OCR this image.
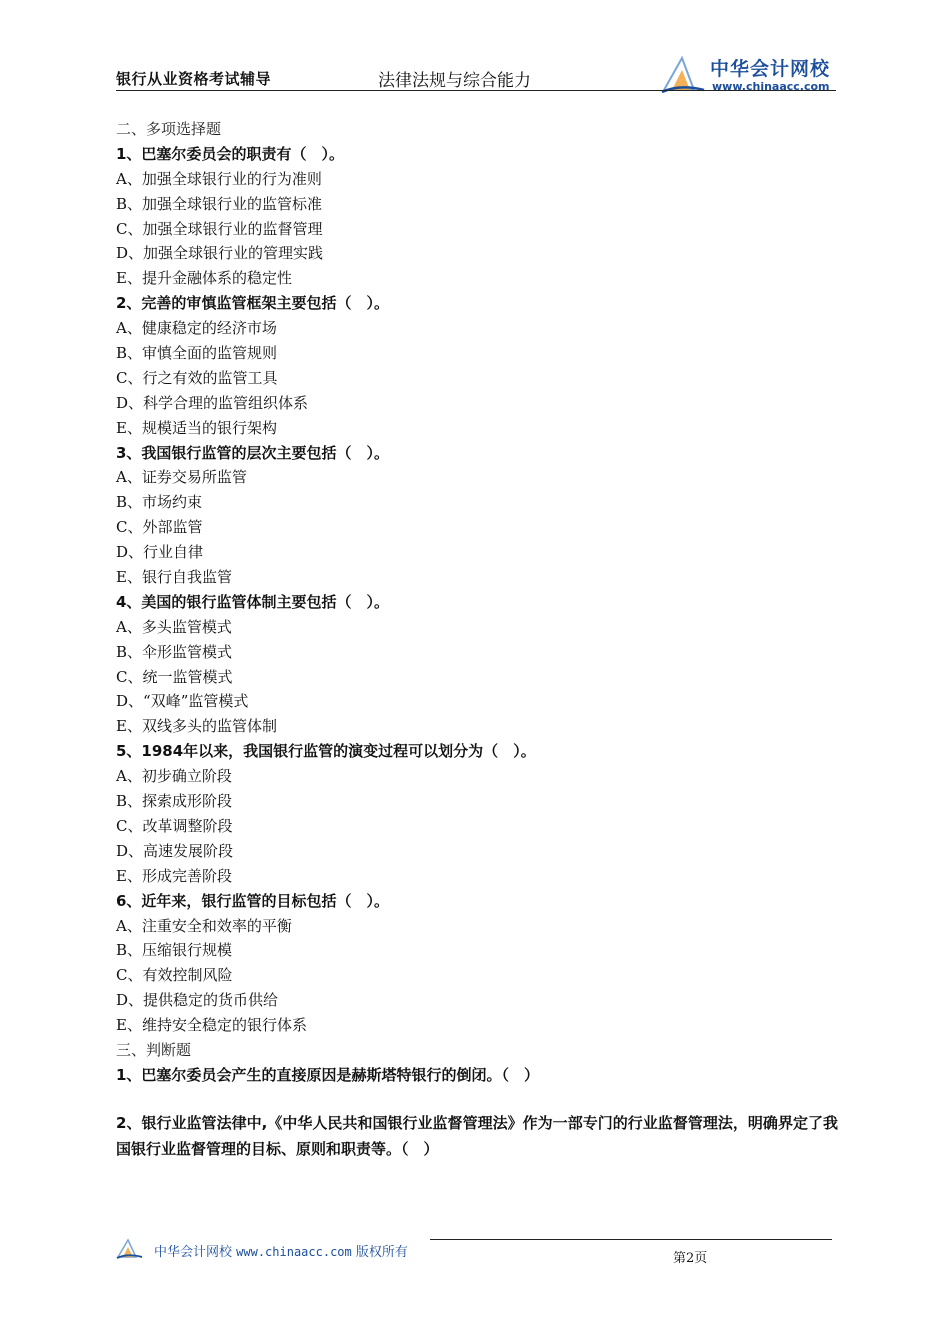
银行从业资格考试辅导	法律法规与综合能力
中华会计网校
www.chinaacc.com
二、多项选择题
1、巴塞尔委员会的职责有（　）。
A、加强全球银行业的行为准则
B、加强全球银行业的监管标准
C、加强全球银行业的监督管理
D、加强全球银行业的管理实践
E、提升金融体系的稳定性
2、完善的审慎监管框架主要包括（　）。
A、健康稳定的经济市场
B、审慎全面的监管规则
C、行之有效的监管工具
D、科学合理的监管组织体系
E、规模适当的银行架构
3、我国银行监管的层次主要包括（　）。
A、证券交易所监管
B、市场约束
C、外部监管
D、行业自律
E、银行自我监管
4、美国的银行监管体制主要包括（　）。
A、多头监管模式
B、伞形监管模式
C、统一监管模式
D、“双峰”监管模式
E、双线多头的监管体制
5、1984年以来，我国银行监管的演变过程可以划分为（　）。
A、初步确立阶段
B、探索成形阶段
C、改革调整阶段
D、高速发展阶段
E、形成完善阶段
6、近年来，银行监管的目标包括（　）。
A、注重安全和效率的平衡
B、压缩银行规模
C、有效控制风险
D、提供稳定的货币供给
E、维持安全稳定的银行体系
三、判断题
1、巴塞尔委员会产生的直接原因是赫斯塔特银行的倒闭。（　）
2、银行业监管法律中,《中华人民共和国银行业监督管理法》作为一部专门的行业监督管理法，明确界定了我国银行业监督管理的目标、原则和职责等。（　）
中华会计网校 www.chinaacc.com 版权所有	第2页
